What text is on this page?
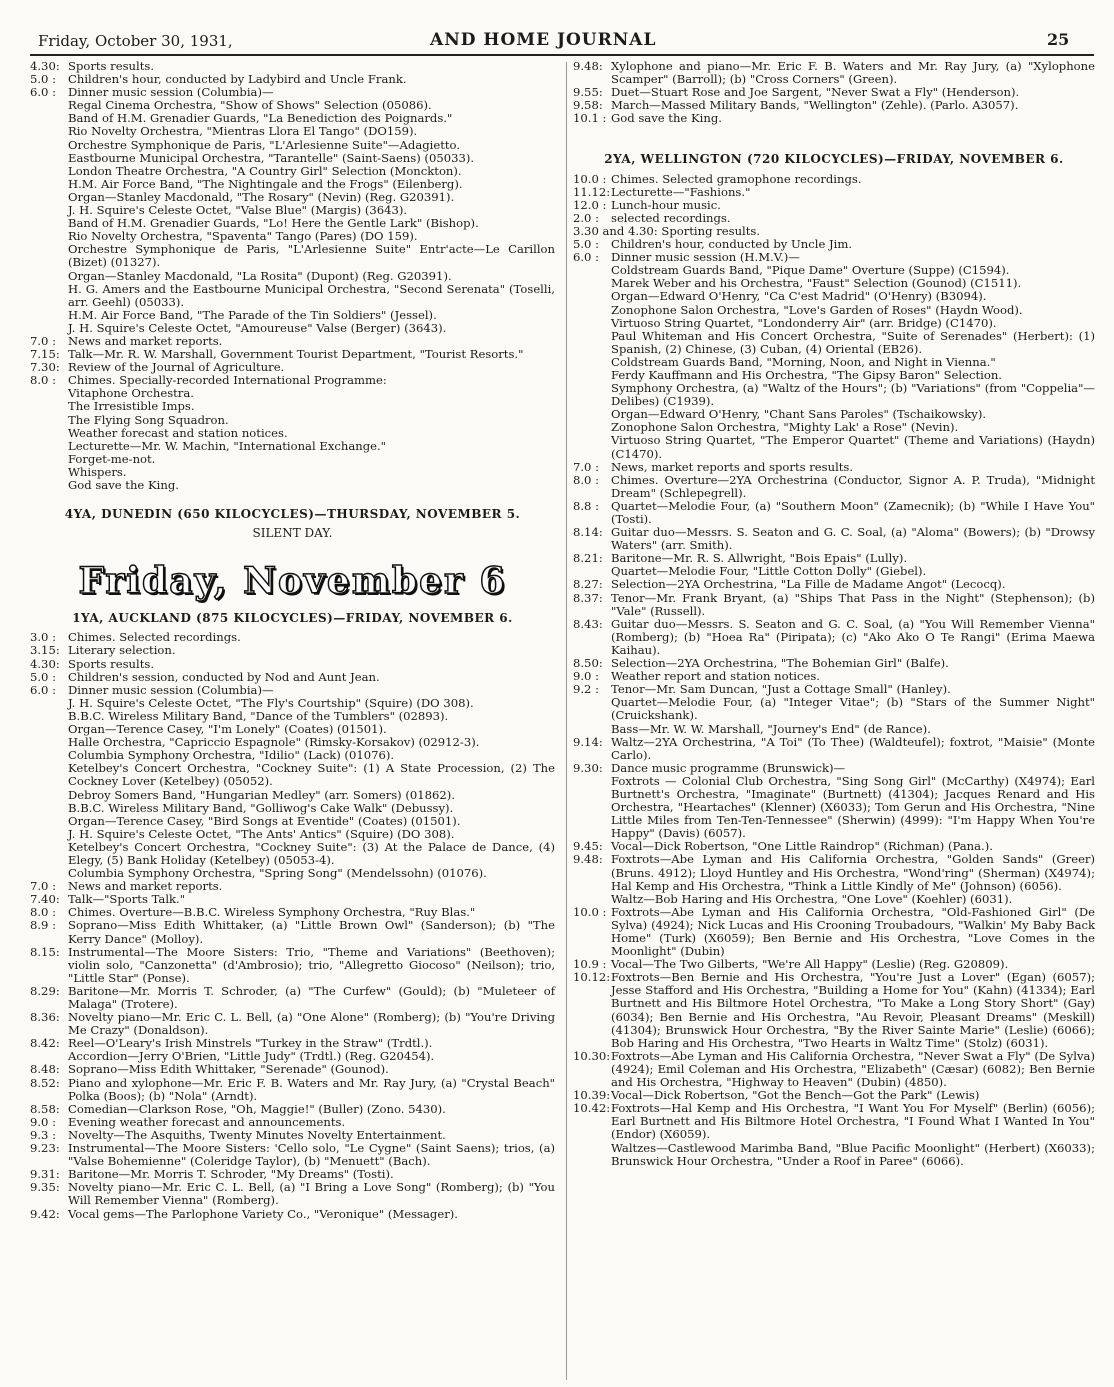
Friday, October 30, 1931,	AND HOME JOURNAL	25
4.30: Sports results.
5.0 :	Children's hour, conducted by Ladybird and Uncle Frank.
6.0 :	Dinner music session (Columbia)—
Regal Cinema Orchestra, "Show of Shows" Selection (05086).
Band of H.M. Grenadier Guards, "La Benediction des Poignards."
Rio Novelty Orchestra, "Mientras Llora El Tango" (DO159).
Orchestre Symphonique de Paris, "L'Arlesienne Suite"—Adagietto.
Eastbourne Municipal Orchestra, "Tarantelle" (Saint-Saens) (05033).
London Theatre Orchestra, "A Country Girl" Selection (Monckton).
H.M. Air Force Band, "The Nightingale and the Frogs" (Eilenberg).
Organ—Stanley Macdonald, "The Rosary" (Nevin) (Reg. G20391).
J. H. Squire's Celeste Octet, "Valse Blue" (Margis) (3643).
Band of H.M. Grenadier Guards, "Lo! Here the Gentle Lark" (Bishop).
Rio Novelty Orchestra, "Spaventa" Tango (Pares) (DO 159).
Orchestre Symphonique de Paris, "L'Arlesienne Suite" Entr'acte—Le Carillon (Bizet) (01327).
Organ—Stanley Macdonald, "La Rosita" (Dupont) (Reg. G20391).
H. G. Amers and the Eastbourne Municipal Orchestra, "Second Serenata" (Toselli, arr. Geehl) (05033).
H.M. Air Force Band, "The Parade of the Tin Soldiers" (Jessel).
J. H. Squire's Celeste Octet, "Amoureuse" Valse (Berger) (3643).
7.0 :	News and market reports.
7.15: Talk—Mr. R. W. Marshall, Government Tourist Department, "Tourist Resorts."
7.30: Review of the Journal of Agriculture.
8.0 :	Chimes. Specially-recorded International Programme:
Vitaphone Orchestra.
The Irresistible Imps.
The Flying Song Squadron.
Weather forecast and station notices.
Lecturette—Mr. W. Machin, "International Exchange."
Forget-me-not.
Whispers.
God save the King.
4YA, DUNEDIN (650 KILOCYCLES)—THURSDAY, NOVEMBER 5.
SILENT DAY.
Friday, November 6
1YA, AUCKLAND (875 KILOCYCLES)—FRIDAY, NOVEMBER 6.
3.0 :	Chimes. Selected recordings.
3.15: Literary selection.
4.30: Sports results.
5.0 :	Children's session, conducted by Nod and Aunt Jean.
6.0 :	Dinner music session (Columbia)—
J. H. Squire's Celeste Octet, "The Fly's Courtship" (Squire) (DO 308).
B.B.C. Wireless Military Band, "Dance of the Tumblers" (02893).
Organ—Terence Casey, "I'm Lonely" (Coates) (01501).
Halle Orchestra, "Capriccio Espagnole" (Rimsky-Korsakov) (02912-3).
Columbia Symphony Orchestra, "Idilio" (Lack) (01076).
Ketelbey's Concert Orchestra, "Cockney Suite": (1) A State Procession, (2) The Cockney Lover (Ketelbey) (05052).
Debroy Somers Band, "Hungarian Medley" (arr. Somers) (01862).
B.B.C. Wireless Military Band, "Golliwog's Cake Walk" (Debussy).
Organ—Terence Casey, "Bird Songs at Eventide" (Coates) (01501).
J. H. Squire's Celeste Octet, "The Ants' Antics" (Squire) (DO 308).
Ketelbey's Concert Orchestra, "Cockney Suite": (3) At the Palace de Dance, (4) Elegy, (5) Bank Holiday (Ketelbey) (05053-4).
Columbia Symphony Orchestra, "Spring Song" (Mendelssohn) (01076).
7.0 :	News and market reports.
7.40: Talk—"Sports Talk."
8.0 :	Chimes. Overture—B.B.C. Wireless Symphony Orchestra, "Ruy Blas."
8.9 :	Soprano—Miss Edith Whittaker, (a) "Little Brown Owl" (Sanderson); (b) "The Kerry Dance" (Molloy).
8.15: Instrumental—The Moore Sisters: Trio, "Theme and Variations" (Beethoven); violin solo, "Canzonetta" (d'Ambrosio); trio, "Allegretto Giocoso" (Neilson); trio, "Little Star" (Ponse).
8.29: Baritone—Mr. Morris T. Schroder, (a) "The Curfew" (Gould); (b) "Muleteer of Malaga" (Trotere).
8.36: Novelty piano—Mr. Eric C. L. Bell, (a) "One Alone" (Romberg); (b) "You're Driving Me Crazy" (Donaldson).
8.42: Reel—O'Leary's Irish Minstrels "Turkey in the Straw" (Trdtl.).
Accordion—Jerry O'Brien, "Little Judy" (Trdtl.) (Reg. G20454).
8.48: Soprano—Miss Edith Whittaker, "Serenade" (Gounod).
8.52: Piano and xylophone—Mr. Eric F. B. Waters and Mr. Ray Jury, (a) "Crystal Beach" Polka (Boos); (b) "Nola" (Arndt).
8.58: Comedian—Clarkson Rose, "Oh, Maggie!" (Buller) (Zono. 5430).
9.0 :	Evening weather forecast and announcements.
9.3 :	Novelty—The Asquiths, Twenty Minutes Novelty Entertainment.
9.23: Instrumental—The Moore Sisters: 'Cello solo, "Le Cygne" (Saint Saens); trios, (a) "Valse Bohemienne" (Coleridge Taylor), (b) "Menuett" (Bach).
9.31: Baritone—Mr. Morris T. Schroder, "My Dreams" (Tosti).
9.35: Novelty piano—Mr. Eric C. L. Bell, (a) "I Bring a Love Song" (Romberg); (b) "You Will Remember Vienna" (Romberg).
9.42: Vocal gems—The Parlophone Variety Co., "Veronique" (Messager).
9.48: Xylophone and piano—Mr. Eric F. B. Waters and Mr. Ray Jury, (a) "Xylophone Scamper" (Barroll); (b) "Cross Corners" (Green).
9.55: Duet—Stuart Rose and Joe Sargent, "Never Swat a Fly" (Henderson).
9.58: March—Massed Military Bands, "Wellington" (Zehle). (Parlo. A3057).
10.1 : God save the King.
2YA, WELLINGTON (720 KILOCYCLES)—FRIDAY, NOVEMBER 6.
10.0 : Chimes. Selected gramophone recordings.
11.12: Lecturette—"Fashions."
12.0 : Lunch-hour music.
2.0 :	selected recordings.
3.30 and 4.30: Sporting results.
5.0 :	Children's hour, conducted by Uncle Jim.
6.0 :	Dinner music session (H.M.V.)—
Coldstream Guards Band, "Pique Dame" Overture (Suppe) (C1594).
Marek Weber and his Orchestra, "Faust" Selection (Gounod) (C1511).
Organ—Edward O'Henry, "Ca C'est Madrid" (O'Henry) (B3094).
Zonophone Salon Orchestra, "Love's Garden of Roses" (Haydn Wood).
Virtuoso String Quartet, "Londonderry Air" (arr. Bridge) (C1470).
Paul Whiteman and His Concert Orchestra, "Suite of Serenades" (Herbert): (1) Spanish, (2) Chinese, (3) Cuban, (4) Oriental (EB26).
Coldstream Guards Band, "Morning, Noon, and Night in Vienna."
Ferdy Kauffmann and His Orchestra, "The Gipsy Baron" Selection.
Symphony Orchestra, (a) "Waltz of the Hours"; (b) "Variations" (from "Coppelia"—Delibes) (C1939).
Organ—Edward O'Henry, "Chant Sans Paroles" (Tschaikowsky).
Zonophone Salon Orchestra, "Mighty Lak' a Rose" (Nevin).
Virtuoso String Quartet, "The Emperor Quartet" (Theme and Variations) (Haydn) (C1470).
7.0 :	News, market reports and sports results.
8.0 :	Chimes. Overture—2YA Orchestrina (Conductor, Signor A. P. Truda), "Midnight Dream" (Schlepegrell).
8.8 :	Quartet—Melodie Four, (a) "Southern Moon" (Zamecnik); (b) "While I Have You" (Tosti).
8.14: Guitar duo—Messrs. S. Seaton and G. C. Soal, (a) "Aloma" (Bowers); (b) "Drowsy Waters" (arr. Smith).
8.21: Baritone—Mr. R. S. Allwright, "Bois Epais" (Lully).
Quartet—Melodie Four, "Little Cotton Dolly" (Giebel).
8.27: Selection—2YA Orchestrina, "La Fille de Madame Angot" (Lecocq).
8.37: Tenor—Mr. Frank Bryant, (a) "Ships That Pass in the Night" (Stephenson); (b) "Vale" (Russell).
8.43: Guitar duo—Messrs. S. Seaton and G. C. Soal, (a) "You Will Remember Vienna" (Romberg); (b) "Hoea Ra" (Piripata); (c) "Ako Ako O Te Rangi" (Erima Maewa Kaihau).
8.50: Selection—2YA Orchestrina, "The Bohemian Girl" (Balfe).
9.0 :	Weather report and station notices.
9.2 :	Tenor—Mr. Sam Duncan, "Just a Cottage Small" (Hanley).
Quartet—Melodie Four, (a) "Integer Vitae"; (b) "Stars of the Summer Night" (Cruickshank).
Bass—Mr. W. W. Marshall, "Journey's End" (de Rance).
9.14: Waltz—2YA Orchestrina, "A Toi" (To Thee) (Waldteufel); foxtrot, "Maisie" (Monte Carlo).
9.30: Dance music programme (Brunswick)—
Foxtrots — Colonial Club Orchestra, "Sing Song Girl" (McCarthy) (X4974); Earl Burtnett's Orchestra, "Imaginate" (Burtnett) (41304); Jacques Renard and His Orchestra, "Heartaches" (Klenner) (X6033); Tom Gerun and His Orchestra, "Nine Little Miles from Ten-Ten-Tennessee" (Sherwin) (4999): "I'm Happy When You're Happy" (Davis) (6057).
9.45: Vocal—Dick Robertson, "One Little Raindrop" (Richman) (Pana.).
9.48: Foxtrots—Abe Lyman and His California Orchestra, "Golden Sands" (Greer) (Bruns. 4912); Lloyd Huntley and His Orchestra, "Wond'ring" (Sherman) (X4974); Hal Kemp and His Orchestra, "Think a Little Kindly of Me" (Johnson) (6056).
Waltz—Bob Haring and His Orchestra, "One Love" (Koehler) (6031).
10.0 : Foxtrots—Abe Lyman and His California Orchestra, "Old-Fashioned Girl" (De Sylva) (4924); Nick Lucas and His Crooning Troubadours, "Walkin' My Baby Back Home" (Turk) (X6059); Ben Bernie and His Orchestra, "Love Comes in the Moonlight" (Dubin)
10.9 : Vocal—The Two Gilberts, "We're All Happy" (Leslie) (Reg. G20809).
10.12: Foxtrots—Ben Bernie and His Orchestra, "You're Just a Lover" (Egan) (6057); Jesse Stafford and His Orchestra, "Building a Home for You" (Kahn) (41334); Earl Burtnett and His Biltmore Hotel Orchestra, "To Make a Long Story Short" (Gay) (6034); Ben Bernie and His Orchestra, "Au Revoir, Pleasant Dreams" (Meskill) (41304); Brunswick Hour Orchestra, "By the River Sainte Marie" (Leslie) (6066); Bob Haring and His Orchestra, "Two Hearts in Waltz Time" (Stolz) (6031).
10.30: Foxtrots—Abe Lyman and His California Orchestra, "Never Swat a Fly" (De Sylva) (4924); Emil Coleman and His Orchestra, "Elizabeth" (Cæsar) (6082); Ben Bernie and His Orchestra, "Highway to Heaven" (Dubin) (4850).
10.39: Vocal—Dick Robertson, "Got the Bench—Got the Park" (Lewis)
10.42: Foxtrots—Hal Kemp and His Orchestra, "I Want You For Myself" (Berlin) (6056); Earl Burtnett and His Biltmore Hotel Orchestra, "I Found What I Wanted In You" (Endor) (X6059).
Waltzes—Castlewood Marimba Band, "Blue Pacific Moonlight" (Herbert) (X6033); Brunswick Hour Orchestra, "Under a Roof in Paree" (6066).
